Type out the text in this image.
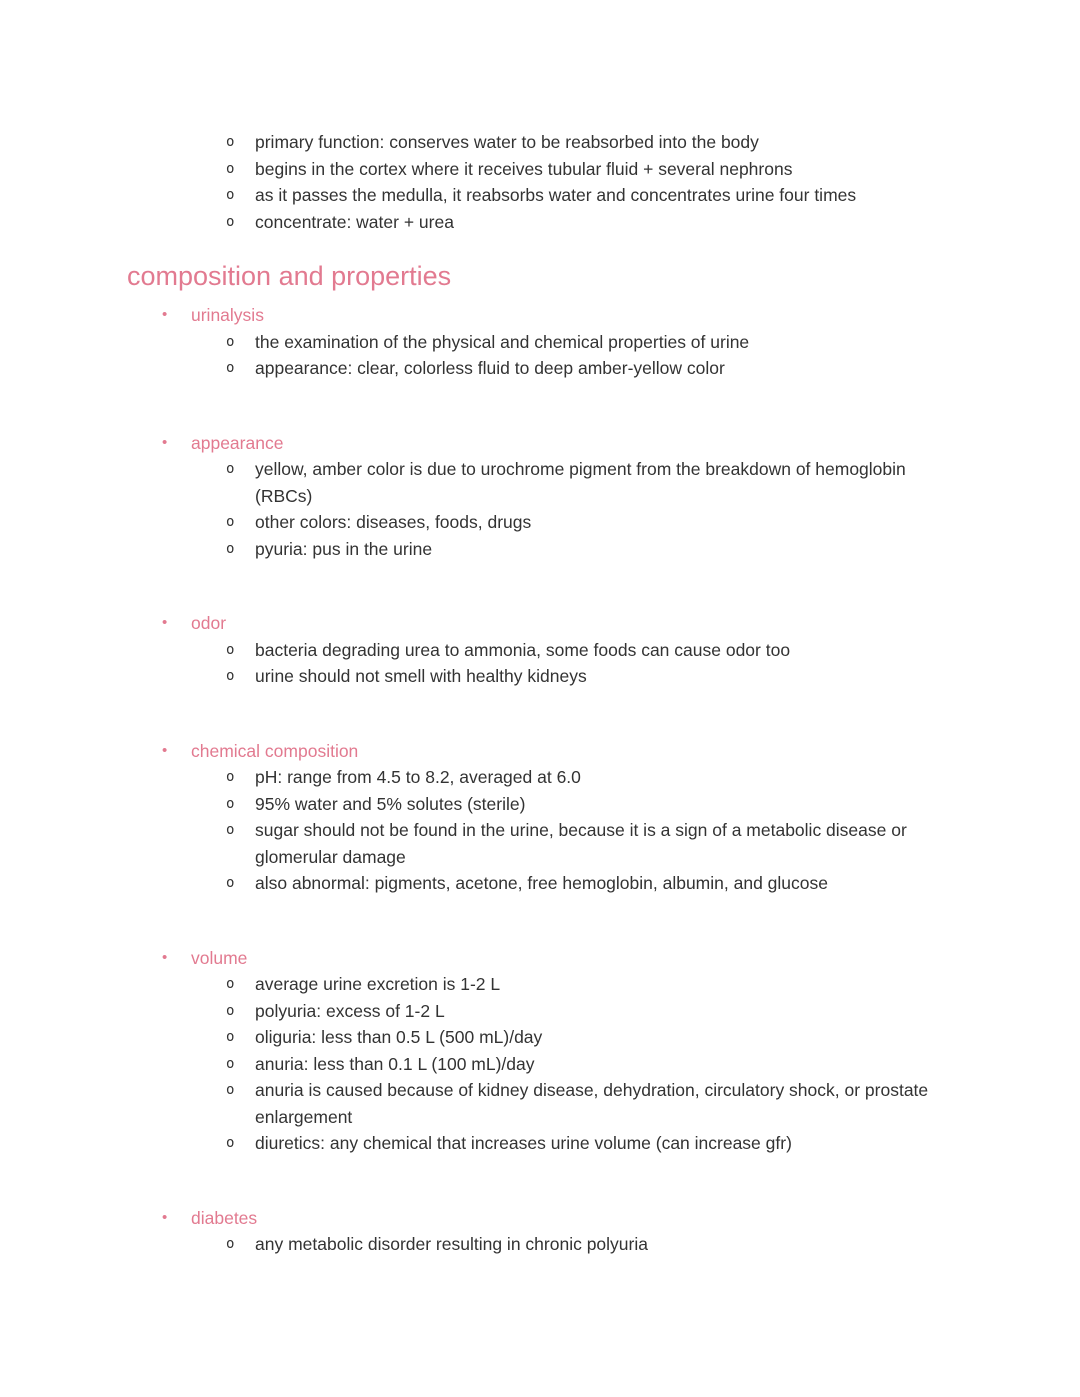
o primary function: conserves water to be reabsorbed into the body
o begins in the cortex where it receives tubular fluid + several nephrons
o as it passes the medulla, it reabsorbs water and concentrates urine four times
o concentrate: water + urea
composition and properties
• urinalysis
o the examination of the physical and chemical properties of urine
o appearance: clear, colorless fluid to deep amber-yellow color
• appearance
o yellow, amber color is due to urochrome pigment from the breakdown of hemoglobin (RBCs)
o other colors: diseases, foods, drugs
o pyuria: pus in the urine
• odor
o bacteria degrading urea to ammonia, some foods can cause odor too
o urine should not smell with healthy kidneys
• chemical composition
o pH: range from 4.5 to 8.2, averaged at 6.0
o 95% water and 5% solutes (sterile)
o sugar should not be found in the urine, because it is a sign of a metabolic disease or glomerular damage
o also abnormal: pigments, acetone, free hemoglobin, albumin, and glucose
• volume
o average urine excretion is 1-2 L
o polyuria: excess of 1-2 L
o oliguria: less than 0.5 L (500 mL)/day
o anuria: less than 0.1 L (100 mL)/day
o anuria is caused because of kidney disease, dehydration, circulatory shock, or prostate enlargement
o diuretics: any chemical that increases urine volume (can increase gfr)
• diabetes
o any metabolic disorder resulting in chronic polyuria
